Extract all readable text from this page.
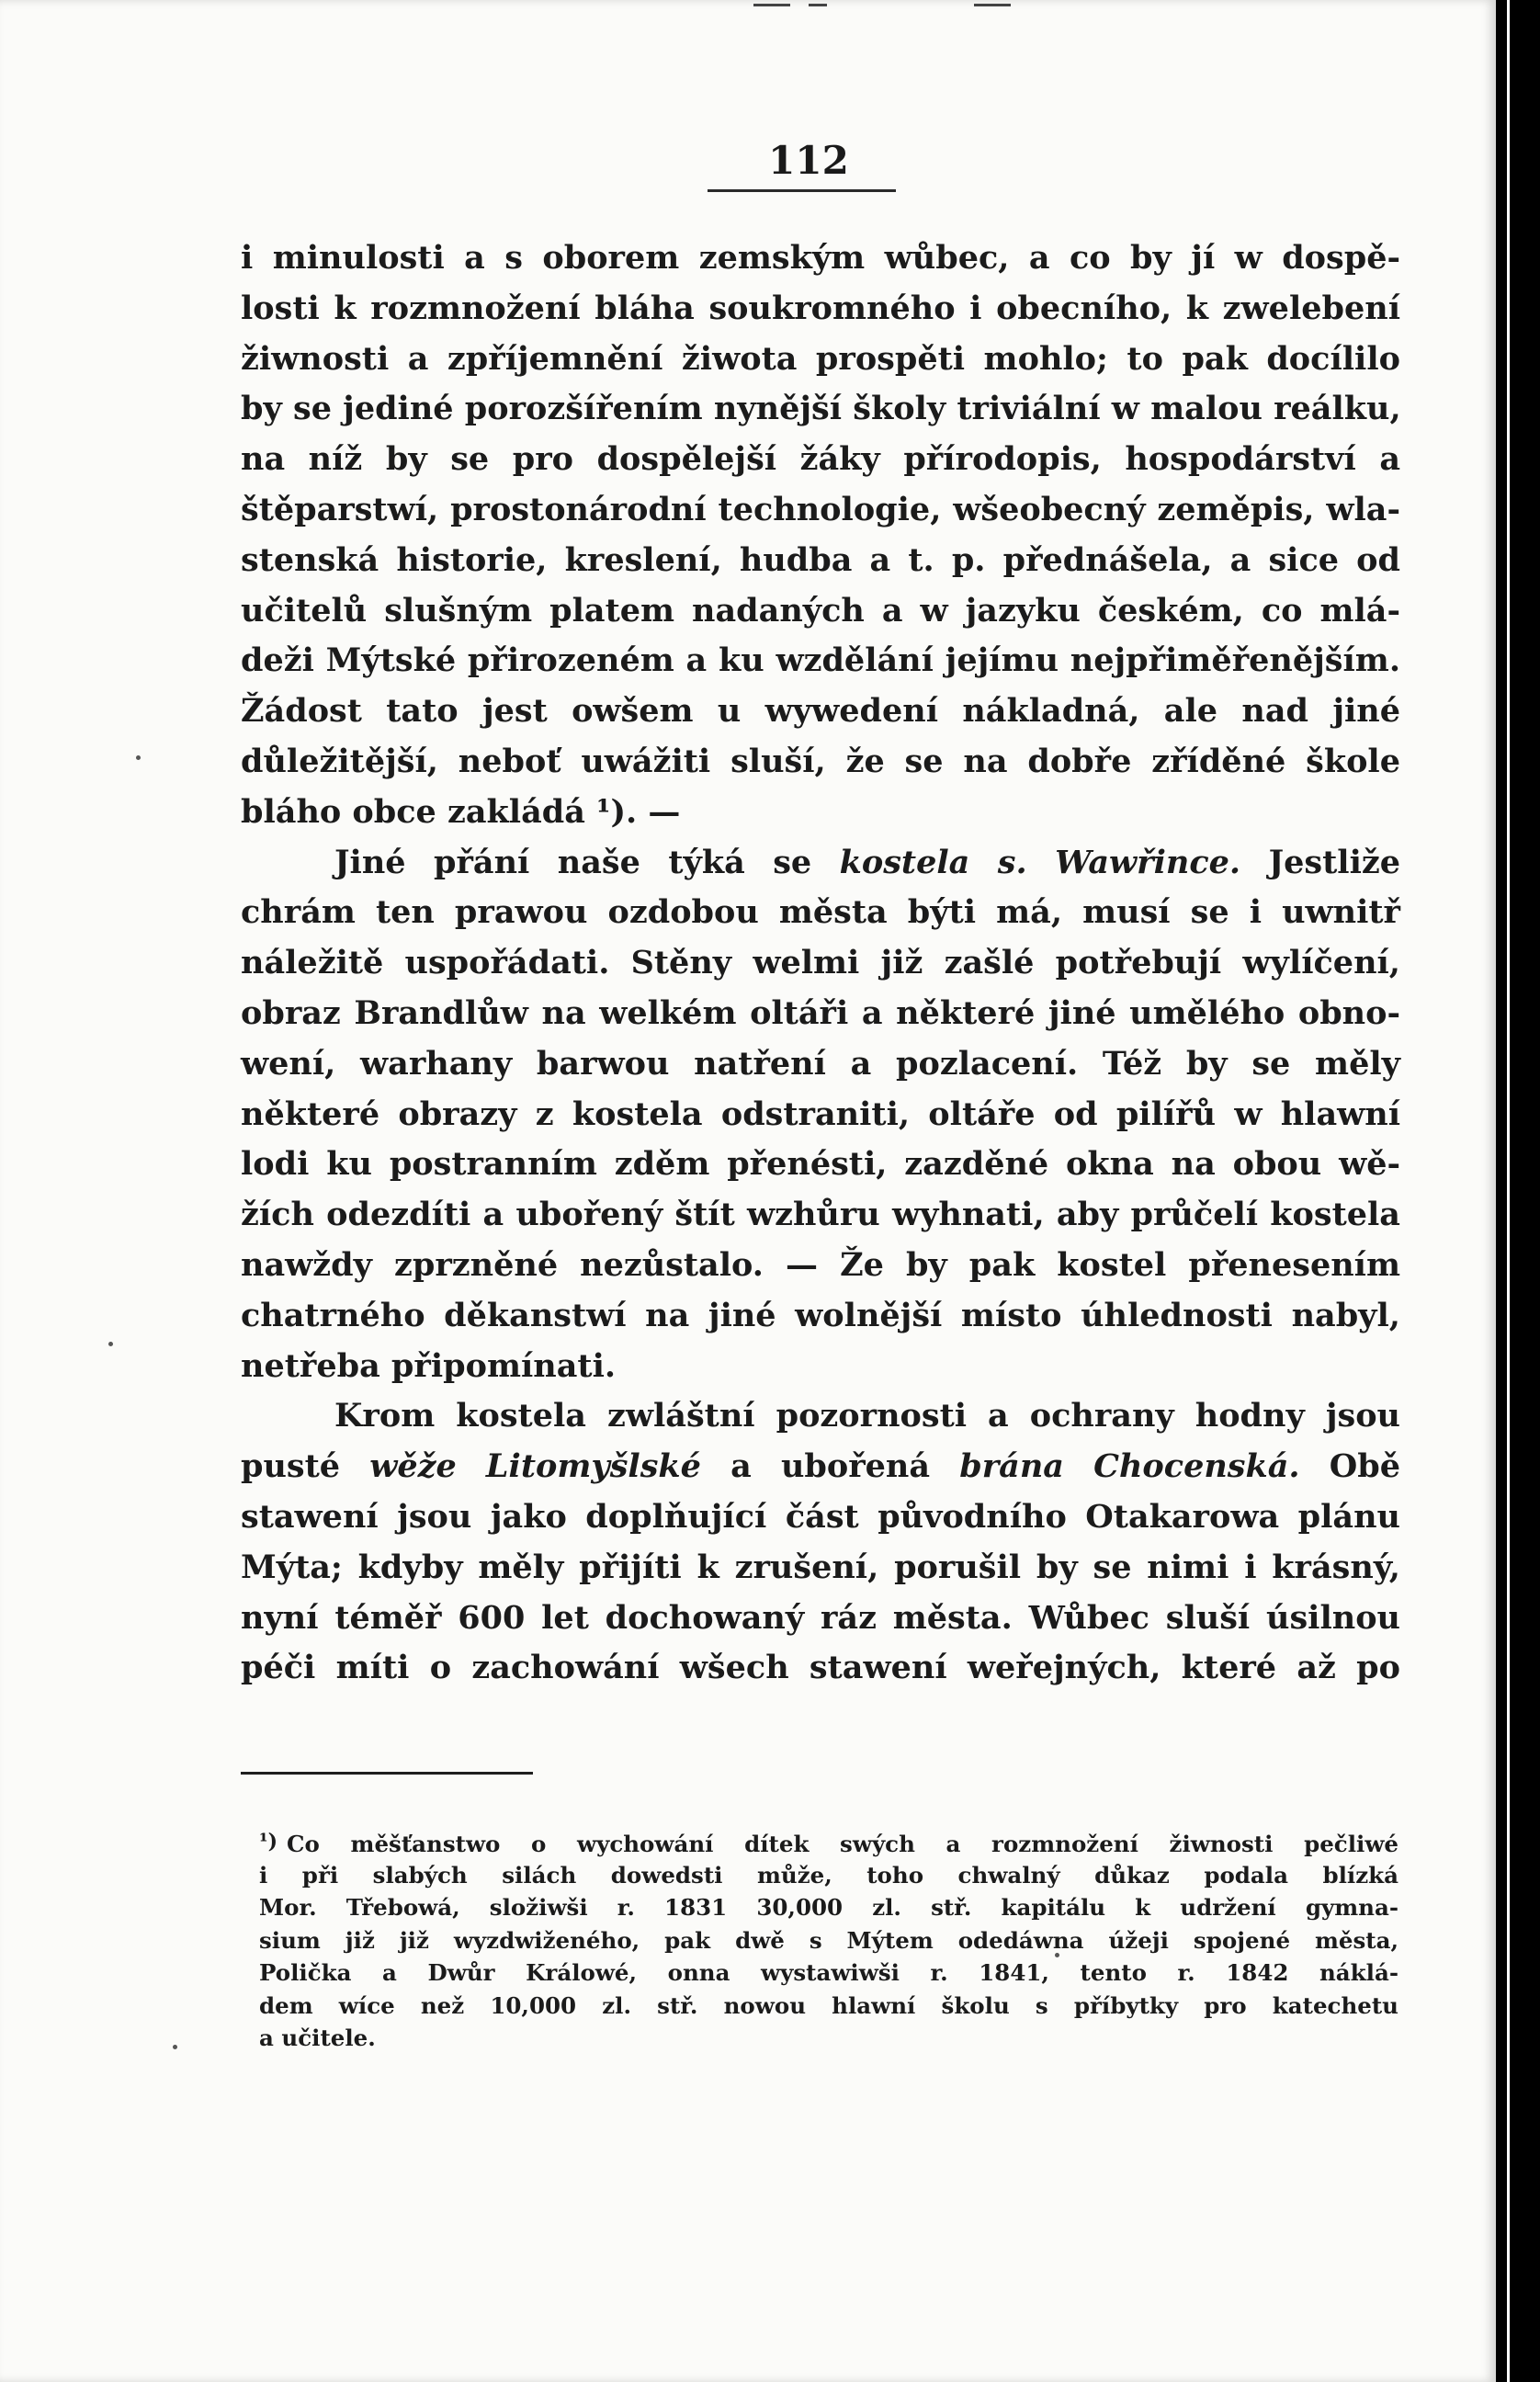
112
i minulosti a s oborem zemským wůbec, a co by jí w dospě-
losti k rozmnožení bláha soukromného i obecního, k zwelebení
žiwnosti a zpříjemnění žiwota prospěti mohlo; to pak docílilo
by se jediné porozšířením nynější školy triviální w malou reálku,
na níž by se pro dospělejší žáky přírodopis, hospodárství a
štěparstwí, prostonárodní technologie, wšeobecný zeměpis, wla-
stenská historie, kreslení, hudba a t. p. přednášela, a sice od
učitelů slušným platem nadaných a w jazyku českém, co mlá-
deži Mýtské přirozeném a ku wzdělání jejímu nejpřiměřenějším.
Žádost tato jest owšem u wywedení nákladná, ale nad jiné
důležitější, neboť uwážiti sluší, že se na dobře zříděné škole
bláho obce zakládá ¹). —
Jiné přání naše týká se kostela s. Wawřince. Jestliže
chrám ten prawou ozdobou města býti má, musí se i uwnitř
náležitě uspořádati. Stěny welmi již zašlé potřebují wylíčení,
obraz Brandlůw na welkém oltáři a některé jiné umělého obno-
wení, warhany barwou natření a pozlacení. Též by se měly
některé obrazy z kostela odstraniti, oltáře od pilířů w hlawní
lodi ku postranním zděm přenésti, zazděné okna na obou wě-
žích odezdíti a ubořený štít wzhůru wyhnati, aby průčelí kostela
nawždy zprzněné nezůstalo. — Že by pak kostel přenesením
chatrného děkanstwí na jiné wolnější místo úhlednosti nabyl,
netřeba připomínati.
Krom kostela zwláštní pozornosti a ochrany hodny jsou
pusté wěže Litomyšlské a ubořená brána Chocenská. Obě
stawení jsou jako doplňující část původního Otakarowa plánu
Mýta; kdyby měly přijíti k zrušení, porušil by se nimi i krásný,
nyní téměř 600 let dochowaný ráz města. Wůbec sluší úsilnou
péči míti o zachowání wšech stawení weřejných, které až po
¹) Co měšťanstwo o wychowání dítek swých a rozmnožení žiwnosti pečliwé
i při slabých silách dowedsti může, toho chwalný důkaz podala blízká
Mor. Třebowá, složiwši r. 1831 30,000 zl. stř. kapitálu k udržení gymna-
sium již již wyzdwiženého, pak dwě s Mýtem odedáwna úžeji spojené města,
Polička a Dwůr Králowé, onna wystawiwši r. 1841, tento r. 1842 náklá-
dem wíce než 10,000 zl. stř. nowou hlawní školu s příbytky pro katechetu
a učitele.
